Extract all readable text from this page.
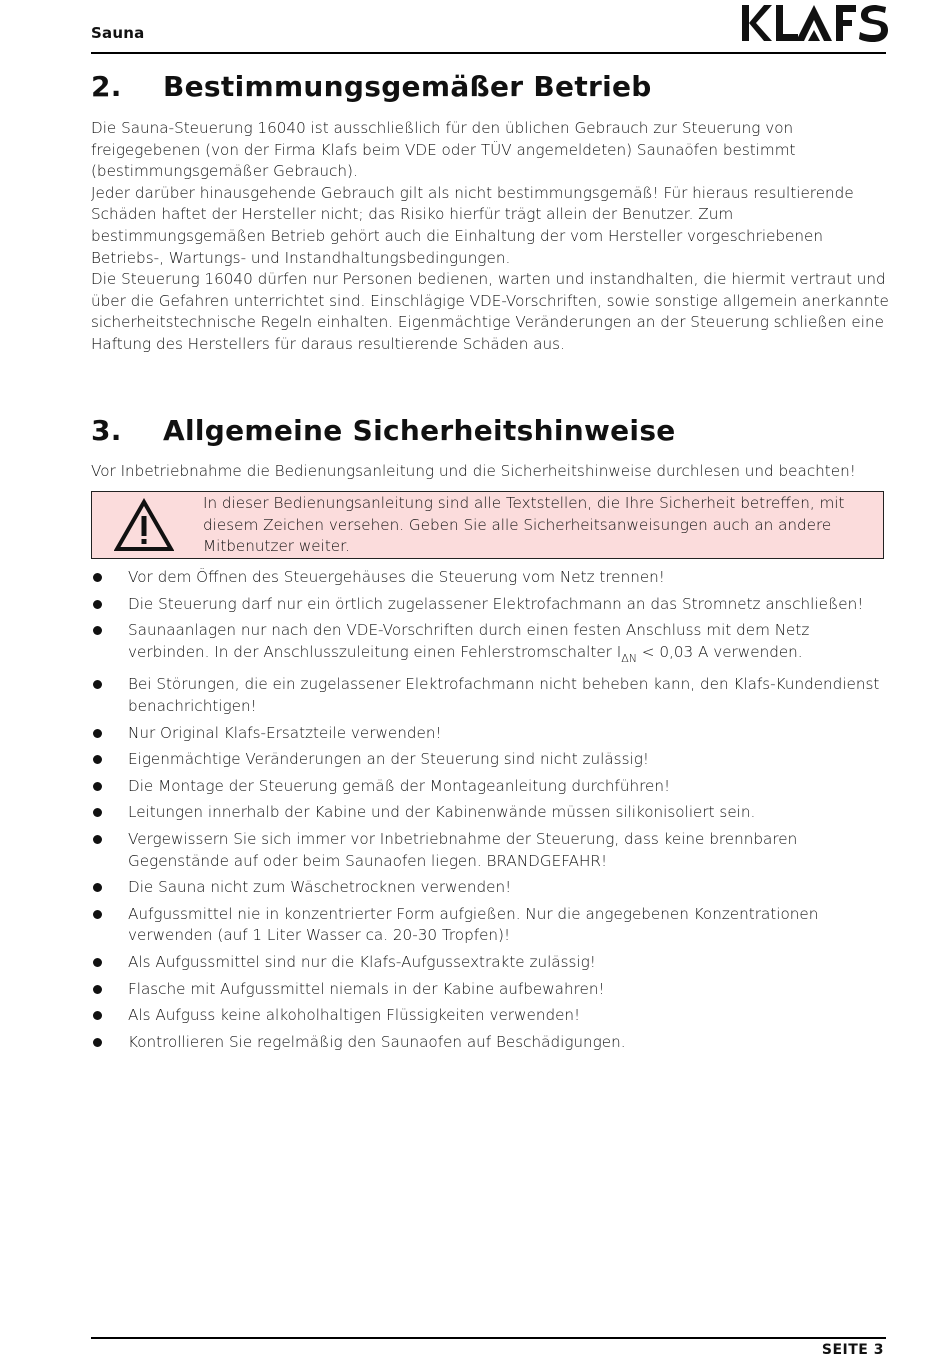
Sauna
2. Bestimmungsgemäßer Betrieb

Die Sauna-Steuerung 16040 ist ausschließlich für den üblichen Gebrauch zur Steuerung von freigegebenen (von der Firma Klafs beim VDE oder TÜV angemeldeten) Saunaöfen bestimmt (bestimmungsgemäßer Gebrauch).
Jeder darüber hinausgehende Gebrauch gilt als nicht bestimmungsgemäß! Für hieraus resultierende Schäden haftet der Hersteller nicht; das Risiko hierfür trägt allein der Benutzer. Zum bestimmungsgemäßen Betrieb gehört auch die Einhaltung der vom Hersteller vorgeschriebenen Betriebs-, Wartungs- und Instandhaltungsbedingungen.
Die Steuerung 16040 dürfen nur Personen bedienen, warten und instandhalten, die hiermit vertraut und über die Gefahren unterrichtet sind. Einschlägige VDE-Vorschriften, sowie sonstige allgemein anerkannte sicherheitstechnische Regeln einhalten. Eigenmächtige Veränderungen an der Steuerung schließen eine Haftung des Herstellers für daraus resultierende Schäden aus.

3. Allgemeine Sicherheitshinweise

Vor Inbetriebnahme die Bedienungsanleitung und die Sicherheitshinweise durchlesen und beachten!

In dieser Bedienungsanleitung sind alle Textstellen, die Ihre Sicherheit betreffen, mit diesem Zeichen versehen. Geben Sie alle Sicherheitsanweisungen auch an andere Mitbenutzer weiter.
Vor dem Öffnen des Steuergehäuses die Steuerung vom Netz trennen!
Die Steuerung darf nur ein örtlich zugelassener Elektrofachmann an das Stromnetz anschließen!
Saunaanlagen nur nach den VDE-Vorschriften durch einen festen Anschluss mit dem Netz verbinden. In der Anschlusszuleitung einen Fehlerstromschalter $I_{\Delta N} < 0,03$ A verwenden.
Bei Störungen, die ein zugelassener Elektrofachmann nicht beheben kann, den Klafs-Kundendienst benachrichtigen!
Nur Original Klafs-Ersatzteile verwenden!
Eigenmächtige Veränderungen an der Steuerung sind nicht zulässig!
Die Montage der Steuerung gemäß der Montageanleitung durchführen!
Leitungen innerhalb der Kabine und der Kabinenwände müssen silikonisoliert sein.
Vergewissern Sie sich immer vor Inbetriebnahme der Steuerung, dass keine brennbaren Gegenstände auf oder beim Saunaofen liegen. BRANDGEFAHR!
Die Sauna nicht zum Wäschetrocknen verwenden!
Aufgussmittel nie in konzentrierter Form aufgießen. Nur die angegebenen Konzentrationen verwenden (auf 1 Liter Wasser ca. 20-30 Tropfen)!
Als Aufgussmittel sind nur die Klafs-Aufgussextrakte zulässig!
Flasche mit Aufgussmittel niemals in der Kabine aufbewahren!
Als Aufguss keine alkoholhaltigen Flüssigkeiten verwenden!
Kontrollieren Sie regelmäßig den Saunaofen auf Beschädigungen.
SEITE 3
